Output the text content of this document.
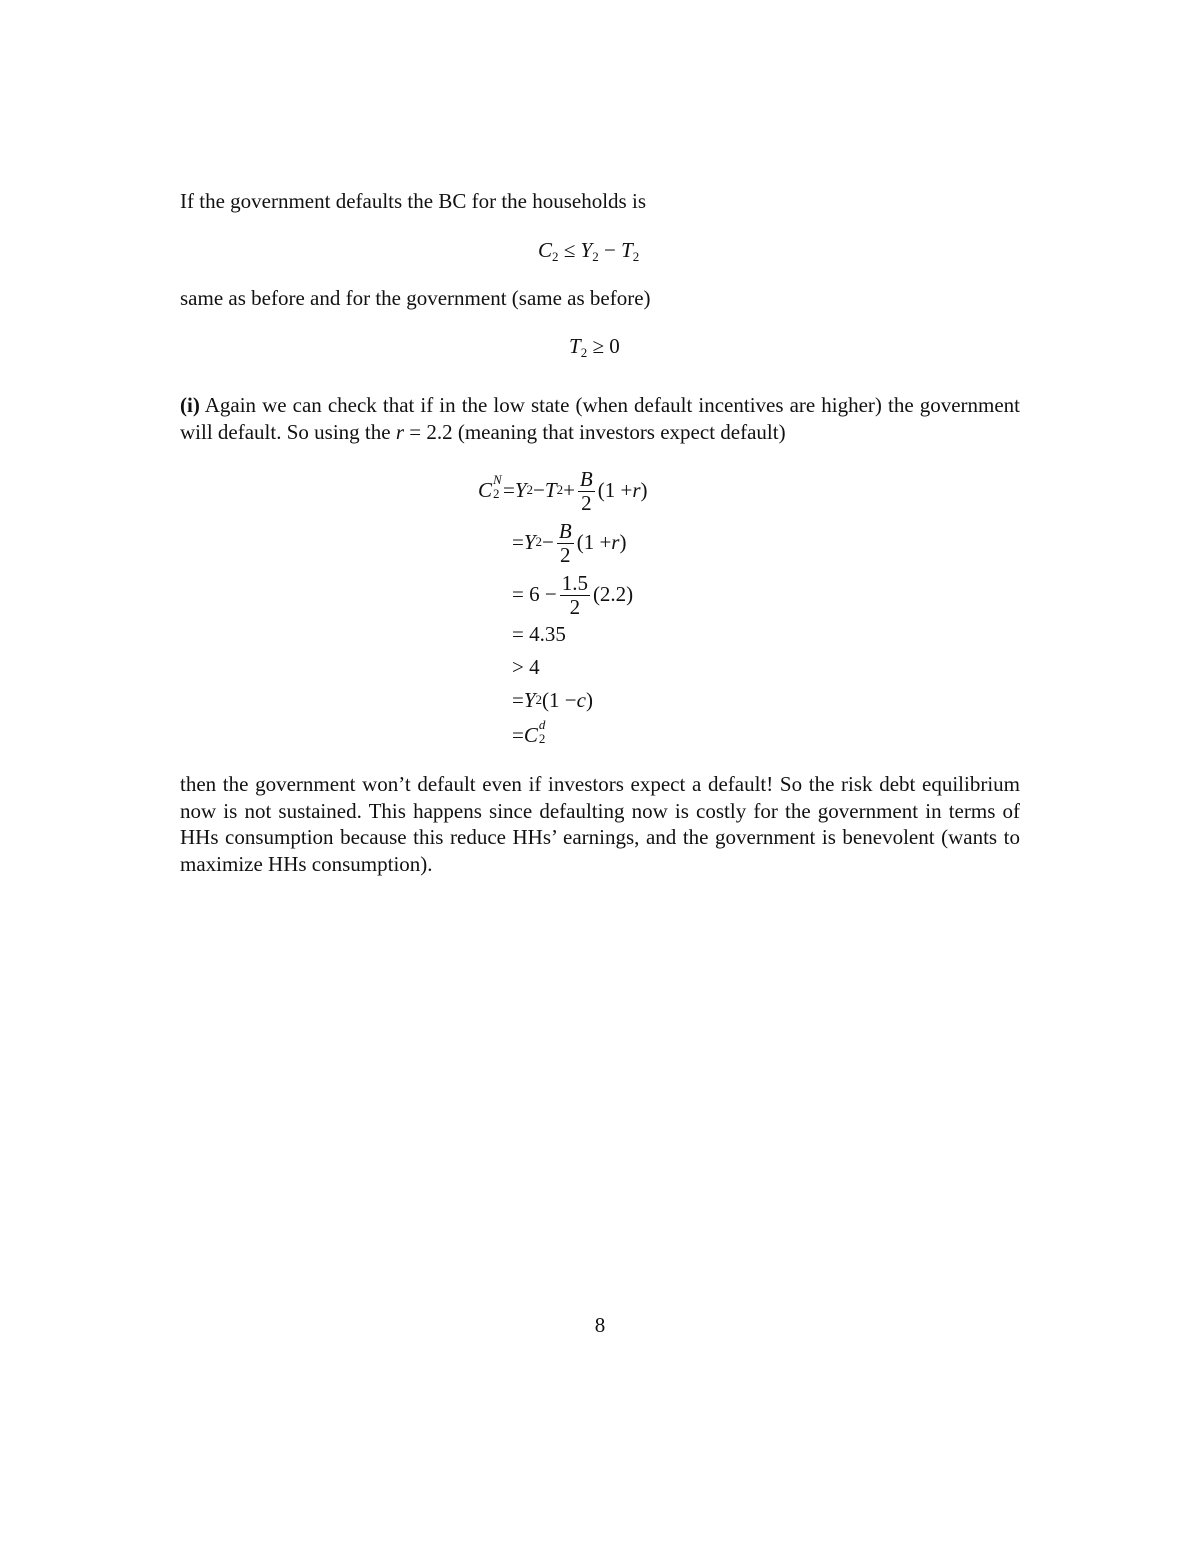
If the government defaults the BC for the households is
$C_2 \le Y_2 - T_2$
same as before and for the government (same as before)
$T_2 \ge 0$
(i) Again we can check that if in the low state (when default incentives are higher) the government will default. So using the r = 2.2 (meaning that investors expect default)
C N
2 = Y 2 − T $2 + \frac{B}{2} (1 + r$ )
= Y $2 - \frac{B}{2} (1 + r$ )
= $6 - \frac{1.5}{2} (2.2)$
= 4.35
> 4
= Y 2 (1 − c )
= C d
2
then the government won’t default even if investors expect a default! So the risk debt equilibrium now is not sustained. This happens since defaulting now is costly for the government in terms of HHs consumption because this reduce HHs’ earnings, and the government is benevolent (wants to maximize HHs consumption).
8
